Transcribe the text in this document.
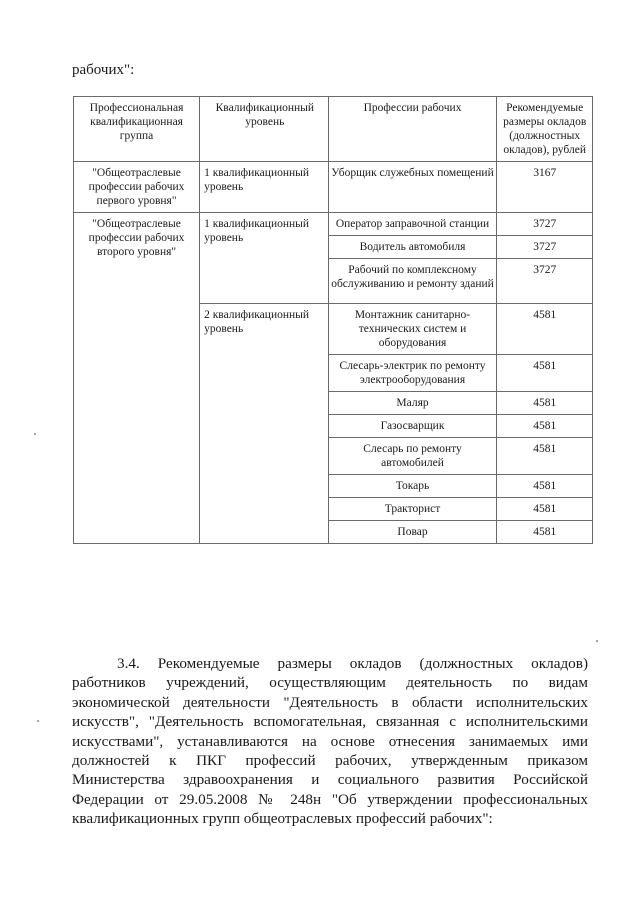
рабочих":
Профессиональная квалификационная группа	Квалификационный уровень	Профессии рабочих	Рекомендуемые размеры окладов (должностных окладов), рублей
"Общеотраслевые профессии рабочих первого уровня"	1 квалификационный уровень	Уборщик служебных помещений	3167
"Общеотраслевые профессии рабочих второго уровня"	1 квалификационный уровень	Оператор заправочной станции	3727
		Водитель автомобиля	3727
		Рабочий по комплексному обслуживанию и ремонту зданий	3727
	2 квалификационный уровень	Монтажник санитарно-технических систем и оборудования	4581
		Слесарь-электрик по ремонту электрооборудования	4581
		Маляр	4581
		Газосварщик	4581
		Слесарь по ремонту автомобилей	4581
		Токарь	4581
		Тракторист	4581
		Повар	4581
3.4. Рекомендуемые размеры окладов (должностных окладов) работников учреждений, осуществляющим деятельность по видам экономической деятельности "Деятельность в области исполнительских искусств", "Деятельность вспомогательная, связанная с исполнительскими искусствами", устанавливаются на основе отнесения занимаемых ими должностей к ПКГ профессий рабочих, утвержденным приказом Министерства здравоохранения и социального развития Российской Федерации от 29.05.2008 № 248н "Об утверждении профессиональных квалификационных групп общеотраслевых профессий рабочих":
